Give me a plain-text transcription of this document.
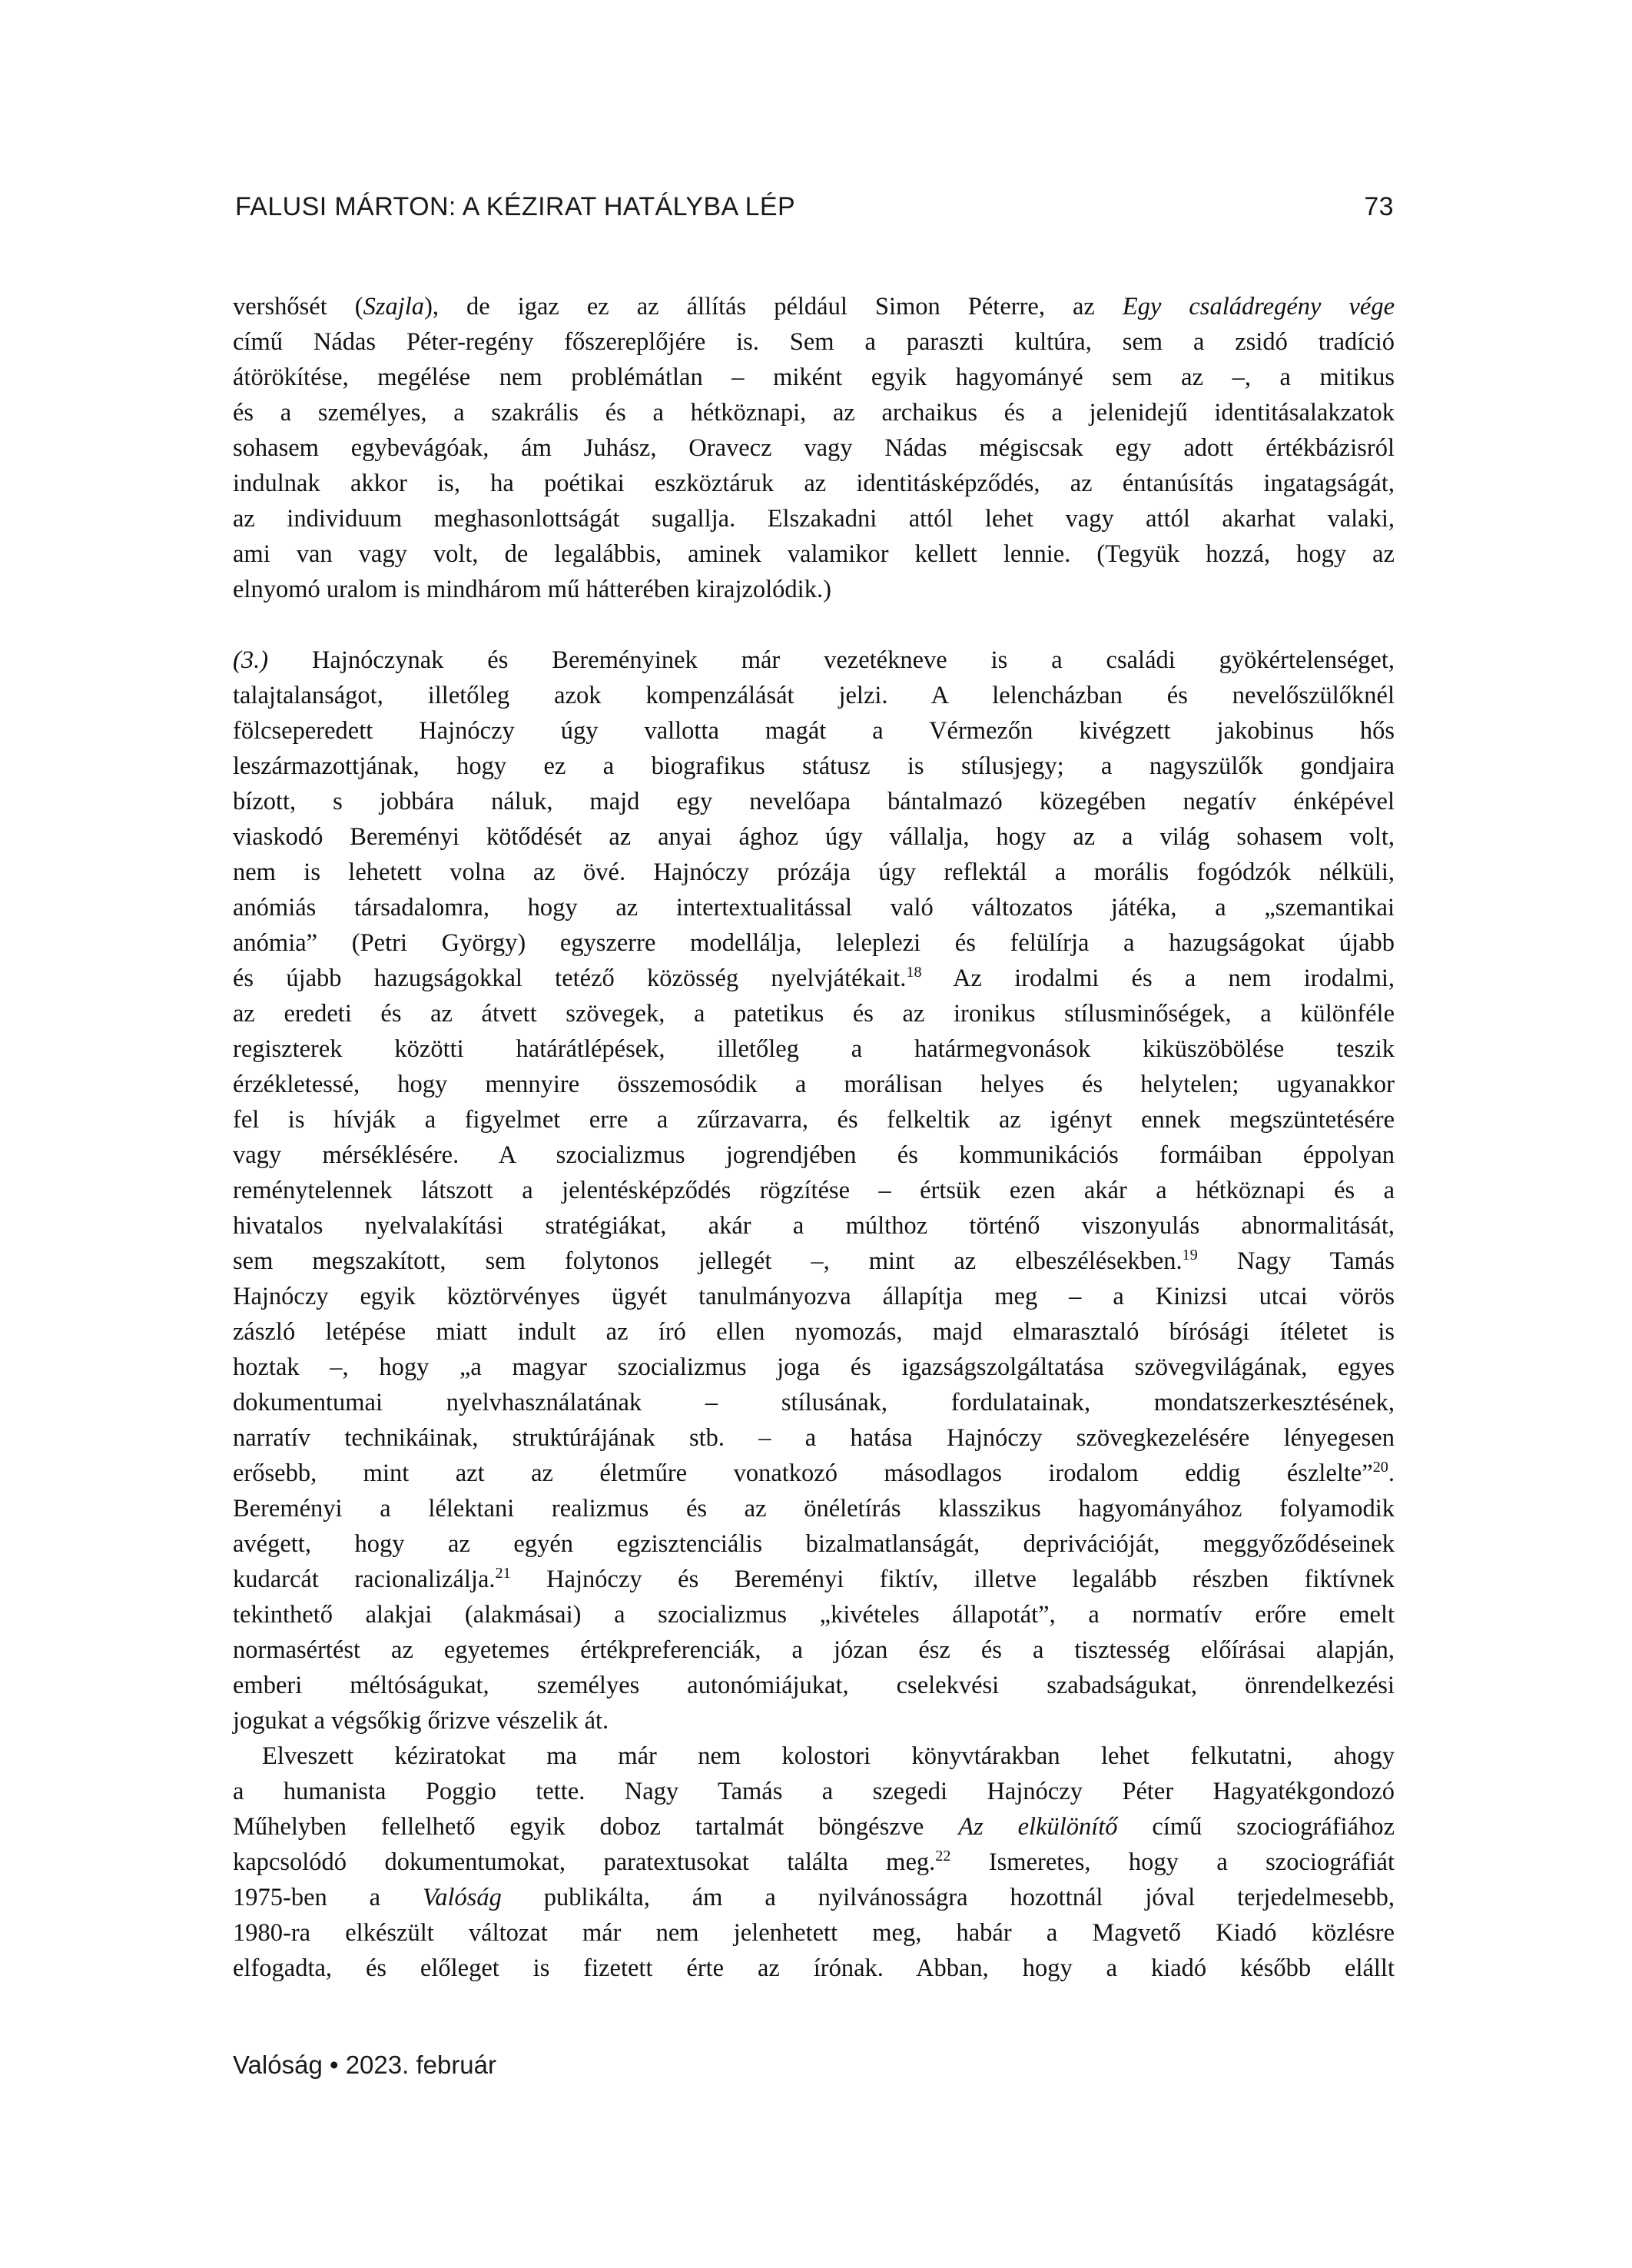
FALUSI MÁRTON: A KÉZIRAT HATÁLYBA LÉP	73
vershősét (Szajla), de igaz ez az állítás például Simon Péterre, az Egy családregény vége
című Nádas Péter-regény főszereplőjére is. Sem a paraszti kultúra, sem a zsidó tradíció
átörökítése, megélése nem problémátlan – miként egyik hagyományé sem az –, a mitikus
és a személyes, a szakrális és a hétköznapi, az archaikus és a jelenidejű identitásalakzatok
sohasem egybevágóak, ám Juhász, Oravecz vagy Nádas mégiscsak egy adott értékbázisról
indulnak akkor is, ha poétikai eszköztáruk az identitásképződés, az éntanúsítás ingatagságát,
az individuum meghasonlottságát sugallja. Elszakadni attól lehet vagy attól akarhat valaki,
ami van vagy volt, de legalábbis, aminek valamikor kellett lennie. (Tegyük hozzá, hogy az
elnyomó uralom is mindhárom mű hátterében kirajzolódik.)
(3.) Hajnóczynak és Bereményinek már vezetékneve is a családi gyökértelenséget,
talajtalanságot, illetőleg azok kompenzálását jelzi. A lelencházban és nevelőszülőknél
fölcseperedett Hajnóczy úgy vallotta magát a Vérmezőn kivégzett jakobinus hős
leszármazottjának, hogy ez a biografikus státusz is stílusjegy; a nagyszülők gondjaira
bízott, s jobbára náluk, majd egy nevelőapa bántalmazó közegében negatív énképével
viaskodó Bereményi kötődését az anyai ághoz úgy vállalja, hogy az a világ sohasem volt,
nem is lehetett volna az övé. Hajnóczy prózája úgy reflektál a morális fogódzók nélküli,
anómiás társadalomra, hogy az intertextualitással való változatos játéka, a „szemantikai
anómia” (Petri György) egyszerre modellálja, leleplezi és felülírja a hazugságokat újabb
és újabb hazugságokkal tetéző közösség nyelvjátékait.$^{18}$ Az irodalmi és a nem irodalmi,
az eredeti és az átvett szövegek, a patetikus és az ironikus stílusminőségek, a különféle
regiszterek közötti határátlépések, illetőleg a határmegvonások kiküszöbölése teszik
érzékletessé, hogy mennyire összemosódik a morálisan helyes és helytelen; ugyanakkor
fel is hívják a figyelmet erre a zűrzavarra, és felkeltik az igényt ennek megszüntetésére
vagy mérséklésére. A szocializmus jogrendjében és kommunikációs formáiban éppolyan
reménytelennek látszott a jelentésképződés rögzítése – értsük ezen akár a hétköznapi és a
hivatalos nyelvalakítási stratégiákat, akár a múlthoz történő viszonyulás abnormalitását,
sem megszakított, sem folytonos jellegét –, mint az elbeszélésekben.$^{19}$ Nagy Tamás
Hajnóczy egyik köztörvényes ügyét tanulmányozva állapítja meg – a Kinizsi utcai vörös
zászló letépése miatt indult az író ellen nyomozás, majd elmarasztaló bírósági ítéletet is
hoztak –, hogy „a magyar szocializmus joga és igazságszolgáltatása szövegvilágának, egyes
dokumentumai nyelvhasználatának – stílusának, fordulatainak, mondatszerkesztésének,
narratív technikáinak, struktúrájának stb. – a hatása Hajnóczy szövegkezelésére lényegesen
erősebb, mint azt az életműre vonatkozó másodlagos irodalom eddig észlelte”$^{20}$.
Bereményi a lélektani realizmus és az önéletírás klasszikus hagyományához folyamodik
avégett, hogy az egyén egzisztenciális bizalmatlanságát, deprivációját, meggyőződéseinek
kudarcát racionalizálja.$^{21}$ Hajnóczy és Bereményi fiktív, illetve legalább részben fiktívnek
tekinthető alakjai (alakmásai) a szocializmus „kivételes állapotát”, a normatív erőre emelt
normasértést az egyetemes értékpreferenciák, a józan ész és a tisztesség előírásai alapján,
emberi méltóságukat, személyes autonómiájukat, cselekvési szabadságukat, önrendelkezési
jogukat a végsőkig őrizve vészelik át.
Elveszett kéziratokat ma már nem kolostori könyvtárakban lehet felkutatni, ahogy
a humanista Poggio tette. Nagy Tamás a szegedi Hajnóczy Péter Hagyatékgondozó
Műhelyben fellelhető egyik doboz tartalmát böngészve Az elkülönítő című szociográfiához
kapcsolódó dokumentumokat, paratextusokat találta meg.$^{22}$ Ismeretes, hogy a szociográfiát
1975-ben a Valóság publikálta, ám a nyilvánosságra hozottnál jóval terjedelmesebb,
1980-ra elkészült változat már nem jelenhetett meg, habár a Magvető Kiadó közlésre
elfogadta, és előleget is fizetett érte az írónak. Abban, hogy a kiadó később elállt
Valóság • 2023. február
